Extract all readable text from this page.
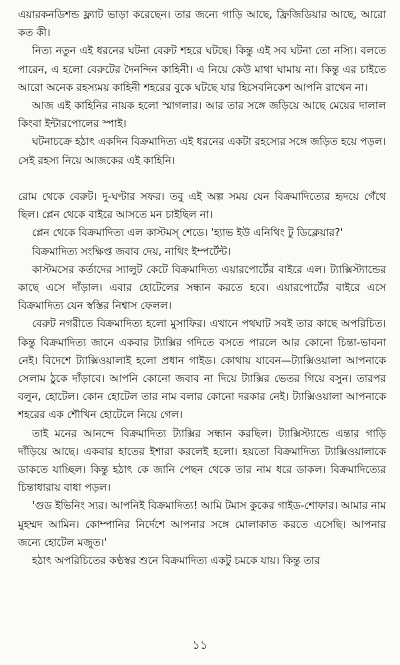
এয়ারকনডিশন্ড ফ্ল্যাট ভাড়া করেছেন। তার জন্যে গাড়ি আছে, ফ্রিজিডিয়ার আছে, আরো কত কী।

নিত্য নতুন এই ধরনের ঘটনা বেরুট শহরে ঘটছে। কিন্তু এই সব ঘটনা তো নস্যি। বলতে পারেন, এ হলো বেরুটের দৈনন্দিন কাহিনী। এ নিয়ে কেউ মাথা ঘামায় না। কিন্তু এর চাইতে আরো অনেক রহস্যময় কাহিনী শহরের বুকে ঘটছে যার হিসেবনিকেশ আপনি রাখেন না।

আজ এই কাহিনির নায়ক হলো স্মাগলার। আর তার সঙ্গে জড়িয়ে আছে মেয়ের দালাল কিংবা ইন্টারপোলের স্পাই।

ঘটনাচক্রে হঠাৎ একদিন বিক্রমাদিত্য এই ধরনের একটা রহস্যের সঙ্গে জড়িত হয়ে পড়ল। সেই রহস্য নিয়ে আজকের এই কাহিনি।

রোম থেকে বেরুট। দু-ঘণ্টার সফর। তবু এই অল্প সময় যেন বিক্রমাদিত্যের হৃদয়ে গেঁথে ছিল। প্লেন থেকে বাইরে আসতে মন চাইছিল না।

প্লেন থেকে বিক্রমাদিত্য এল কাস্টমস্‌ শেডে। 'হ্যাভ ইউ এনিথিং টু ডিক্লেয়ার?'

বিক্রমাদিত্য সংক্ষিপ্ত জবাব দেয়, নাথিং ইম্পর্টেন্ট।

কাস্টমসের কর্তাদের স্যালুট কেটে বিক্রমাদিত্য এয়ারপোর্টের বাইরে এল। ট্যাক্সিস্ট্যান্ডের কাছে এসে দাঁড়াল। এবার হোটেলের সন্ধান করতে হবে। এয়ারপোর্টের বাইরে এসে বিক্রমাদিত্য যেন স্বস্তির নিশ্বাস ফেলল।

বেরুট নগরীতে বিক্রমাদিত্য হলো মুসাফির। এখানে পথঘাট সবই তার কাছে অপরিচিত। কিন্তু বিক্রমাদিত্য জানে একবার ট্যাক্সির গদিতে বসতে পারলে আর কোনো চিন্তা-ভাবনা নেই। বিদেশে ট্যাক্সিওয়ালাই হলো প্রধান গাইড। কোথায় যাবেন—ট্যাক্সিওয়ালা আপনাকে সেলাম ঠুকে দাঁড়াবে। আপনি কোনো জবাব না দিয়ে ট্যাক্সির ভেতর গিয়ে বসুন। তারপর বলুন, হোটেল। কোন হোটেল তার নাম বলার কোনো দরকার নেই। ট্যাক্সিওয়ালা আপনাকে শহরের এক শৌখিন হোটেলে নিয়ে গেল।

তাই মনের আনন্দে বিক্রমাদিত্য ট্যাক্সির সন্ধান করছিল। ট্যাক্সিস্ট্যান্ডে এন্তার গাড়ি দাঁড়িয়ে আছে। একবার হাতের ইশারা করলেই হলো। হয়তো বিক্রমাদিত্য ট্যাক্সিওয়ালাকে ডাকতে যাচ্ছিল। কিন্তু হঠাৎ কে জানি পেছন থেকে তার নাম ধরে ডাকল। বিক্রমাদিত্যের চিন্তাধারায় বাধা পড়ল।

'গুড ইভিনিং স্যর। আপনিই বিক্রমাদিত্য! আমি টমাস কুকের গাইড-শোফার। আমার নাম মুহম্মদ আমিন। কোম্পানির নির্দেশে আপনার সঙ্গে মোলাকাত করতে এসেছি। আপনার জন্যে হোটেল মজুত।'

হঠাৎ অপরিচিতের কণ্ঠস্বর শুনে বিক্রমাদিত্য একটু চমকে যায়। কিন্তু তার

১১
